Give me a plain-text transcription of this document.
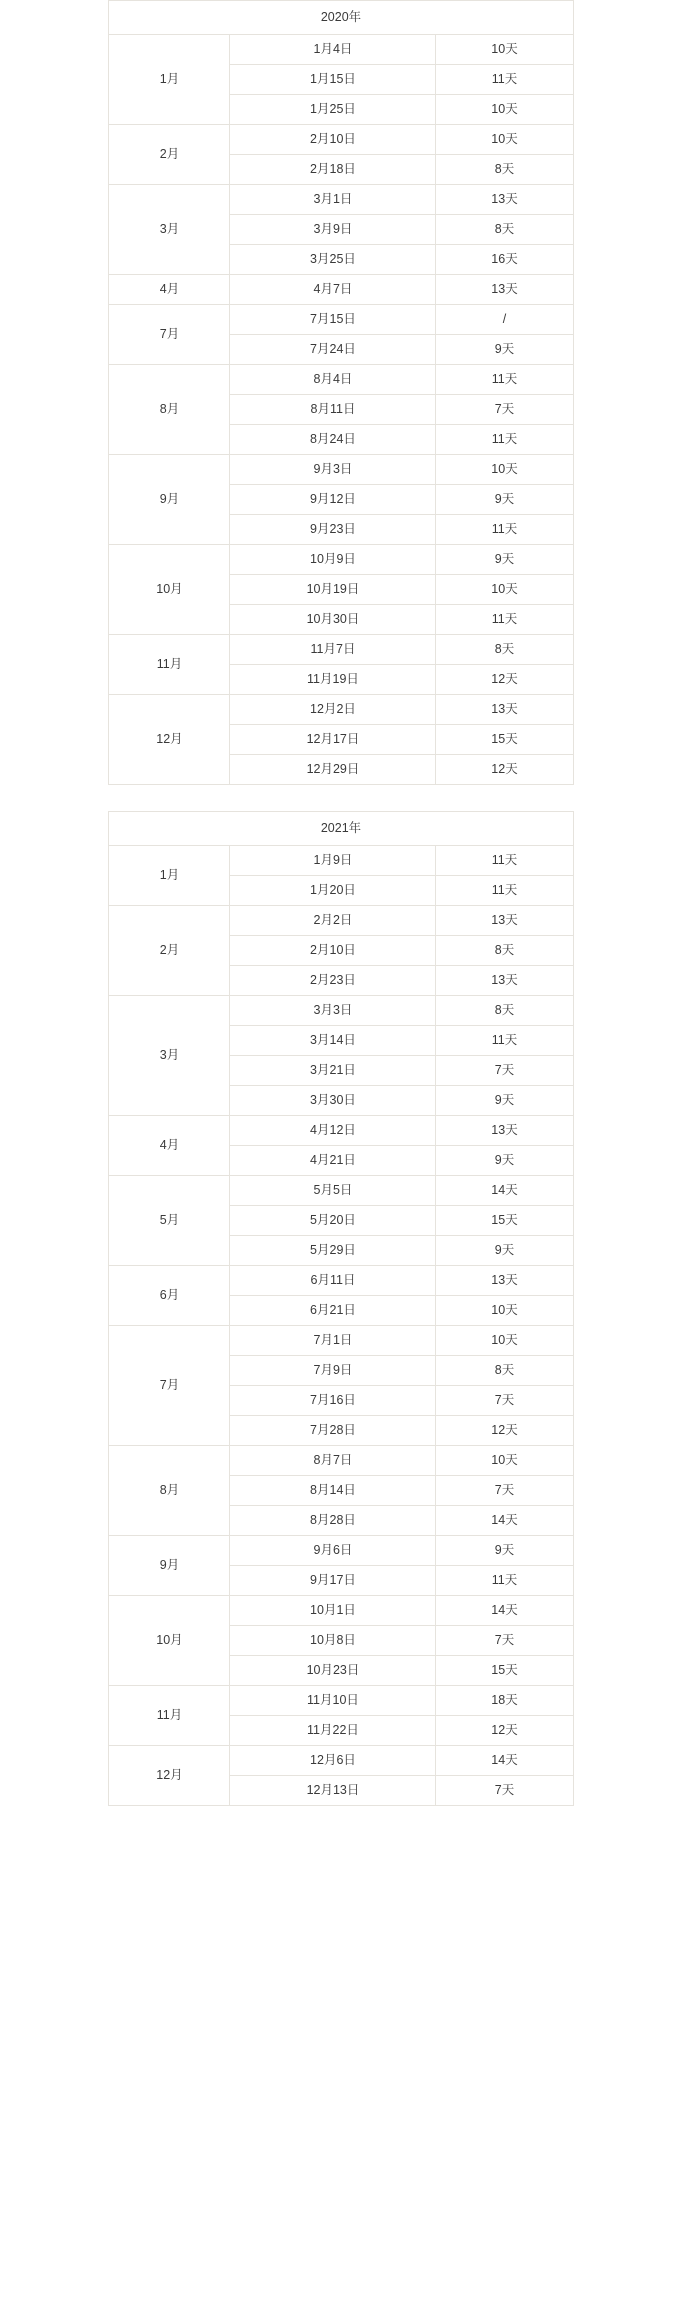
2020年		
1月	1月4日	10天
	1月15日	11天
	1月25日	10天
2月	2月10日	10天
	2月18日	8天
3月	3月1日	13天
	3月9日	8天
	3月25日	16天
4月	4月7日	13天
7月	7月15日	/
	7月24日	9天
8月	8月4日	11天
	8月11日	7天
	8月24日	11天
9月	9月3日	10天
	9月12日	9天
	9月23日	11天
10月	10月9日	9天
	10月19日	10天
	10月30日	11天
11月	11月7日	8天
	11月19日	12天
12月	12月2日	13天
	12月17日	15天
	12月29日	12天
2021年		
1月	1月9日	11天
	1月20日	11天
2月	2月2日	13天
	2月10日	8天
	2月23日	13天
3月	3月3日	8天
	3月14日	11天
	3月21日	7天
	3月30日	9天
4月	4月12日	13天
	4月21日	9天
5月	5月5日	14天
	5月20日	15天
	5月29日	9天
6月	6月11日	13天
	6月21日	10天
7月	7月1日	10天
	7月9日	8天
	7月16日	7天
	7月28日	12天
8月	8月7日	10天
	8月14日	7天
	8月28日	14天
9月	9月6日	9天
	9月17日	11天
10月	10月1日	14天
	10月8日	7天
	10月23日	15天
11月	11月10日	18天
	11月22日	12天
12月	12月6日	14天
	12月13日	7天
